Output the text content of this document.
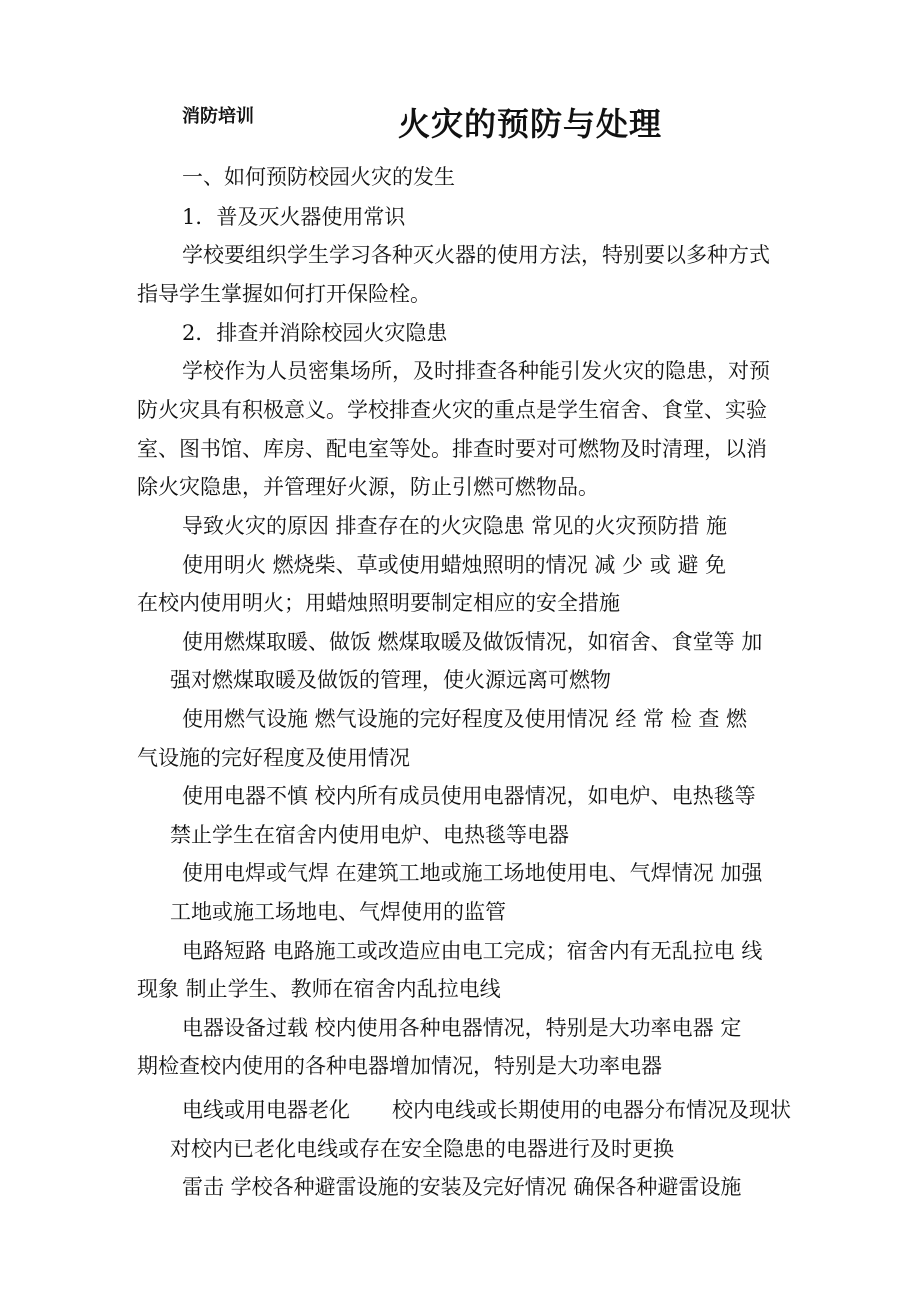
消防培训	火灾的预防与处理
一、如何预防校园火灾的发生
1．普及灭火器使用常识
学校要组织学生学习各种灭火器的使用方法，特别要以多种方式
指导学生掌握如何打开保险栓。
2．排查并消除校园火灾隐患
学校作为人员密集场所，及时排查各种能引发火灾的隐患，对预
防火灾具有积极意义。学校排查火灾的重点是学生宿舍、食堂、实验
室、图书馆、库房、配电室等处。排查时要对可燃物及时清理，以消
除火灾隐患，并管理好火源，防止引燃可燃物品。
导致火灾的原因 排查存在的火灾隐患 常见的火灾预防措 施
使用明火 燃烧柴、草或使用蜡烛照明的情况 减 少 或 避 免
在校内使用明火；用蜡烛照明要制定相应的安全措施
使用燃煤取暖、做饭 燃煤取暖及做饭情况，如宿舍、食堂等 加
强对燃煤取暖及做饭的管理，使火源远离可燃物
使用燃气设施 燃气设施的完好程度及使用情况 经 常 检 查 燃
气设施的完好程度及使用情况
使用电器不慎 校内所有成员使用电器情况，如电炉、电热毯等
禁止学生在宿舍内使用电炉、电热毯等电器
使用电焊或气焊 在建筑工地或施工场地使用电、气焊情况 加强
工地或施工场地电、气焊使用的监管
电路短路 电路施工或改造应由电工完成；宿舍内有无乱拉电 线
现象 制止学生、教师在宿舍内乱拉电线
电器设备过载 校内使用各种电器情况，特别是大功率电器 定
期检查校内使用的各种电器增加情况，特别是大功率电器
电线或用电器老化　　校内电线或长期使用的电器分布情况及现状
对校内已老化电线或存在安全隐患的电器进行及时更换
雷击 学校各种避雷设施的安装及完好情况 确保各种避雷设施
